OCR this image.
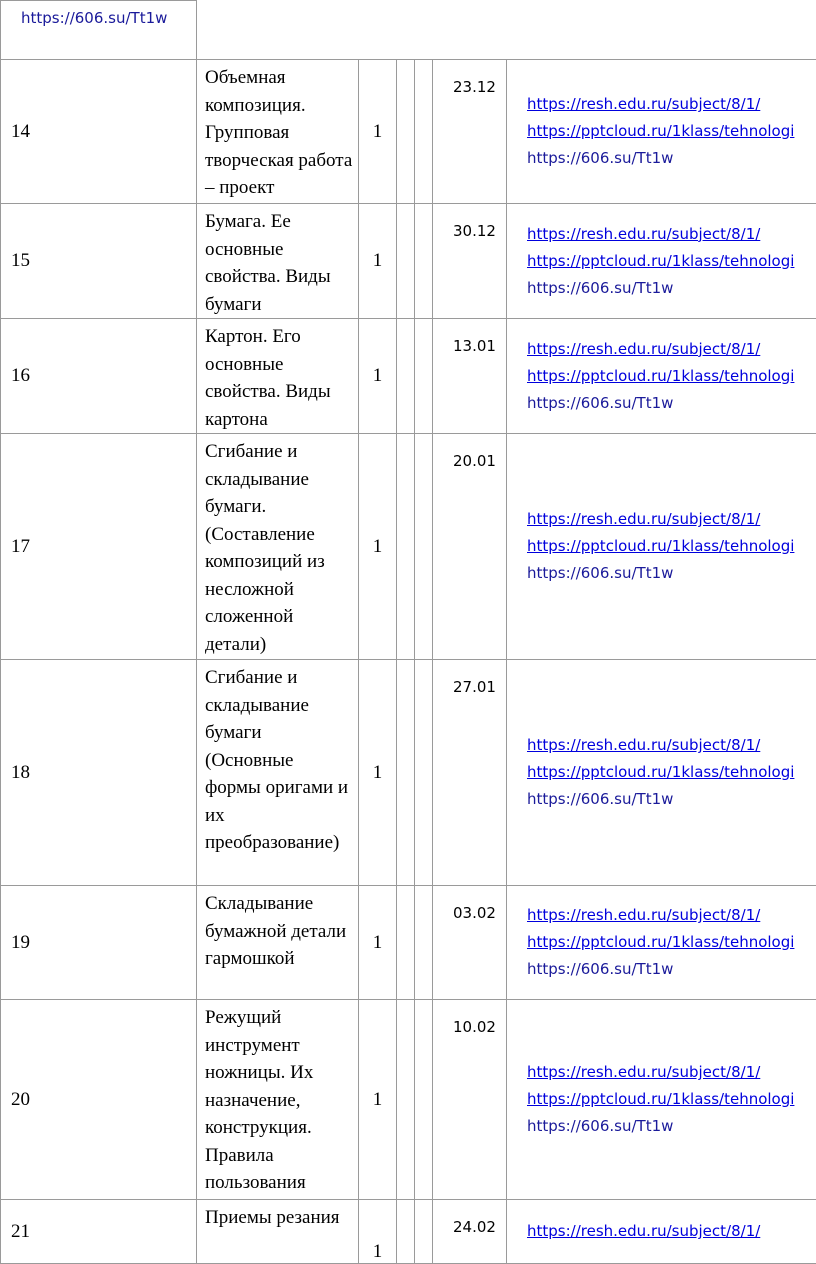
https://606.su/Tt1w						
14	Объемная композиция. Групповая творческая работа – проект	1			23.12	https://resh.edu.ru/subject/8/1/
https://pptcloud.ru/1klass/tehnologi
https://606.su/Tt1w

15	Бумага. Ее основные свойства. Виды бумаги	1			30.12	https://resh.edu.ru/subject/8/1/
https://pptcloud.ru/1klass/tehnologi
https://606.su/Tt1w

16	Картон. Его основные свойства. Виды картона	1			13.01	https://resh.edu.ru/subject/8/1/
https://pptcloud.ru/1klass/tehnologi
https://606.su/Tt1w

17	Сгибание и складывание бумаги. (Составление композиций из несложной сложенной детали)	1			20.01	https://resh.edu.ru/subject/8/1/
https://pptcloud.ru/1klass/tehnologi
https://606.su/Tt1w

18	Сгибание и складывание бумаги (Основные формы оригами и их преобразование)	1			27.01	https://resh.edu.ru/subject/8/1/
https://pptcloud.ru/1klass/tehnologi
https://606.su/Tt1w

19	Складывание бумажной детали гармошкой	1			03.02	https://resh.edu.ru/subject/8/1/
https://pptcloud.ru/1klass/tehnologi
https://606.su/Tt1w

20	Режущий инструмент ножницы. Их назначение, конструкция. Правила пользования	1			10.02	https://resh.edu.ru/subject/8/1/
https://pptcloud.ru/1klass/tehnologi
https://606.su/Tt1w

21	Приемы резания	1			24.02	https://resh.edu.ru/subject/8/1/
